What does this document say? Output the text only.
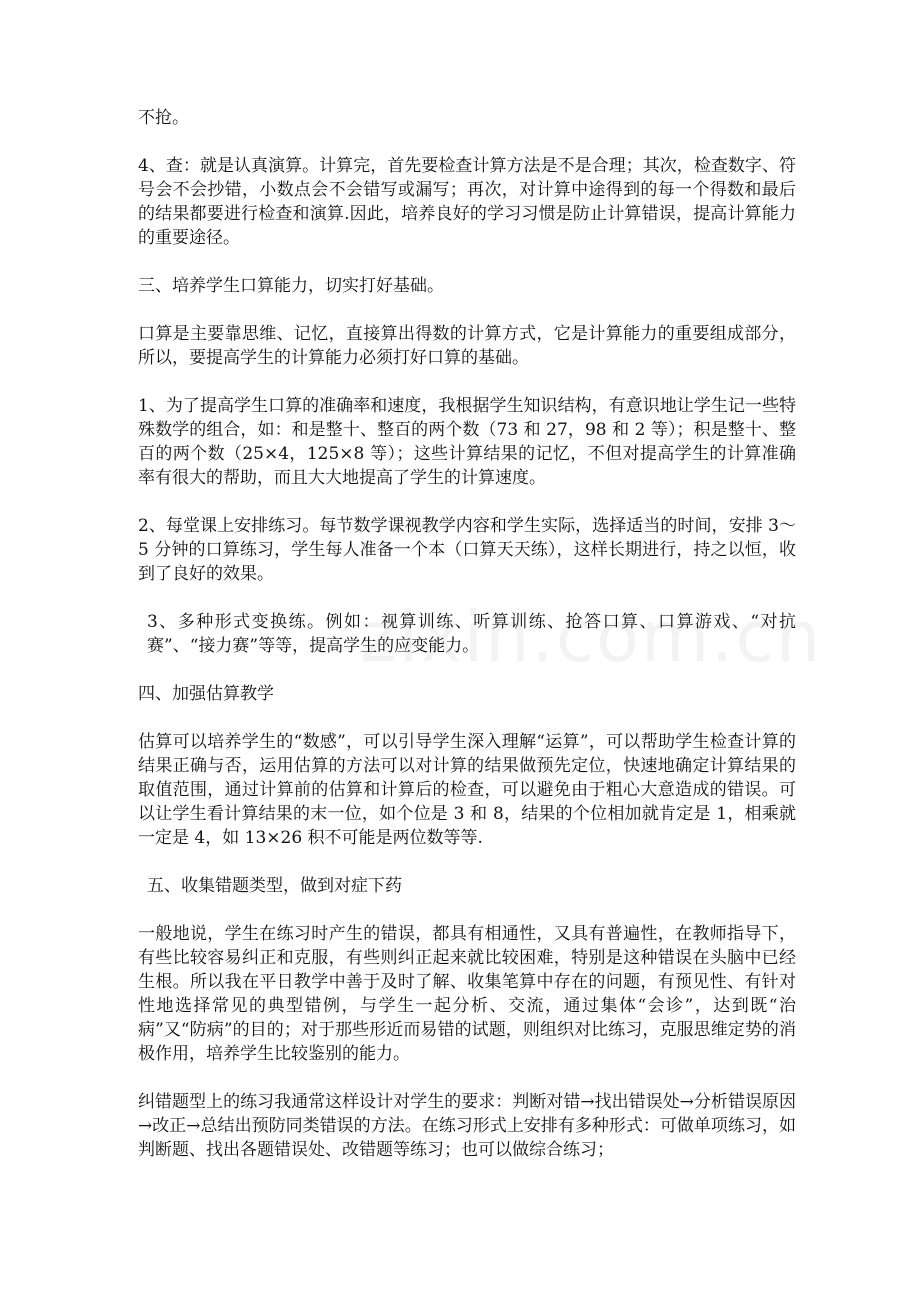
不抢。

4、查：就是认真演算。计算完，首先要检查计算方法是不是合理；其次，检查数字、符号会不会抄错，小数点会不会错写或漏写；再次，对计算中途得到的每一个得数和最后的结果都要进行检查和演算.因此，培养良好的学习习惯是防止计算错误，提高计算能力的重要途径。

三、培养学生口算能力，切实打好基础。

口算是主要靠思维、记忆，直接算出得数的计算方式，它是计算能力的重要组成部分，所以，要提高学生的计算能力必须打好口算的基础。

1、为了提高学生口算的准确率和速度，我根据学生知识结构，有意识地让学生记一些特殊数学的组合，如：和是整十、整百的两个数（73 和 27，98 和 2 等）；积是整十、整百的两个数（25×4，125×8 等）；这些计算结果的记忆，不但对提高学生的计算准确率有很大的帮助，而且大大地提高了学生的计算速度。

2、每堂课上安排练习。每节数学课视教学内容和学生实际，选择适当的时间，安排 3～5 分钟的口算练习，学生每人准备一个本（口算天天练），这样长期进行，持之以恒，收到了良好的效果。

3、多种形式变换练。例如：视算训练、听算训练、抢答口算、口算游戏、“对抗赛”、“接力赛”等等，提高学生的应变能力。

四、加强估算教学

估算可以培养学生的“数感”，可以引导学生深入理解“运算”，可以帮助学生检查计算的结果正确与否，运用估算的方法可以对计算的结果做预先定位，快速地确定计算结果的取值范围，通过计算前的估算和计算后的检查，可以避免由于粗心大意造成的错误。可以让学生看计算结果的末一位，如个位是 3 和 8，结果的个位相加就肯定是 1，相乘就一定是 4，如 13×26 积不可能是两位数等等.

五、收集错题类型，做到对症下药

一般地说，学生在练习时产生的错误，都具有相通性，又具有普遍性，在教师指导下，有些比较容易纠正和克服，有些则纠正起来就比较困难，特别是这种错误在头脑中已经生根。所以我在平日教学中善于及时了解、收集笔算中存在的问题，有预见性、有针对性地选择常见的典型错例，与学生一起分析、交流，通过集体“会诊”，达到既“治病”又“防病”的目的；对于那些形近而易错的试题，则组织对比练习，克服思维定势的消极作用，培养学生比较鉴别的能力。

纠错题型上的练习我通常这样设计对学生的要求：判断对错→找出错误处→分析错误原因→改正→总结出预防同类错误的方法。在练习形式上安排有多种形式：可做单项练习，如判断题、找出各题错误处、改错题等练习；也可以做综合练习；
